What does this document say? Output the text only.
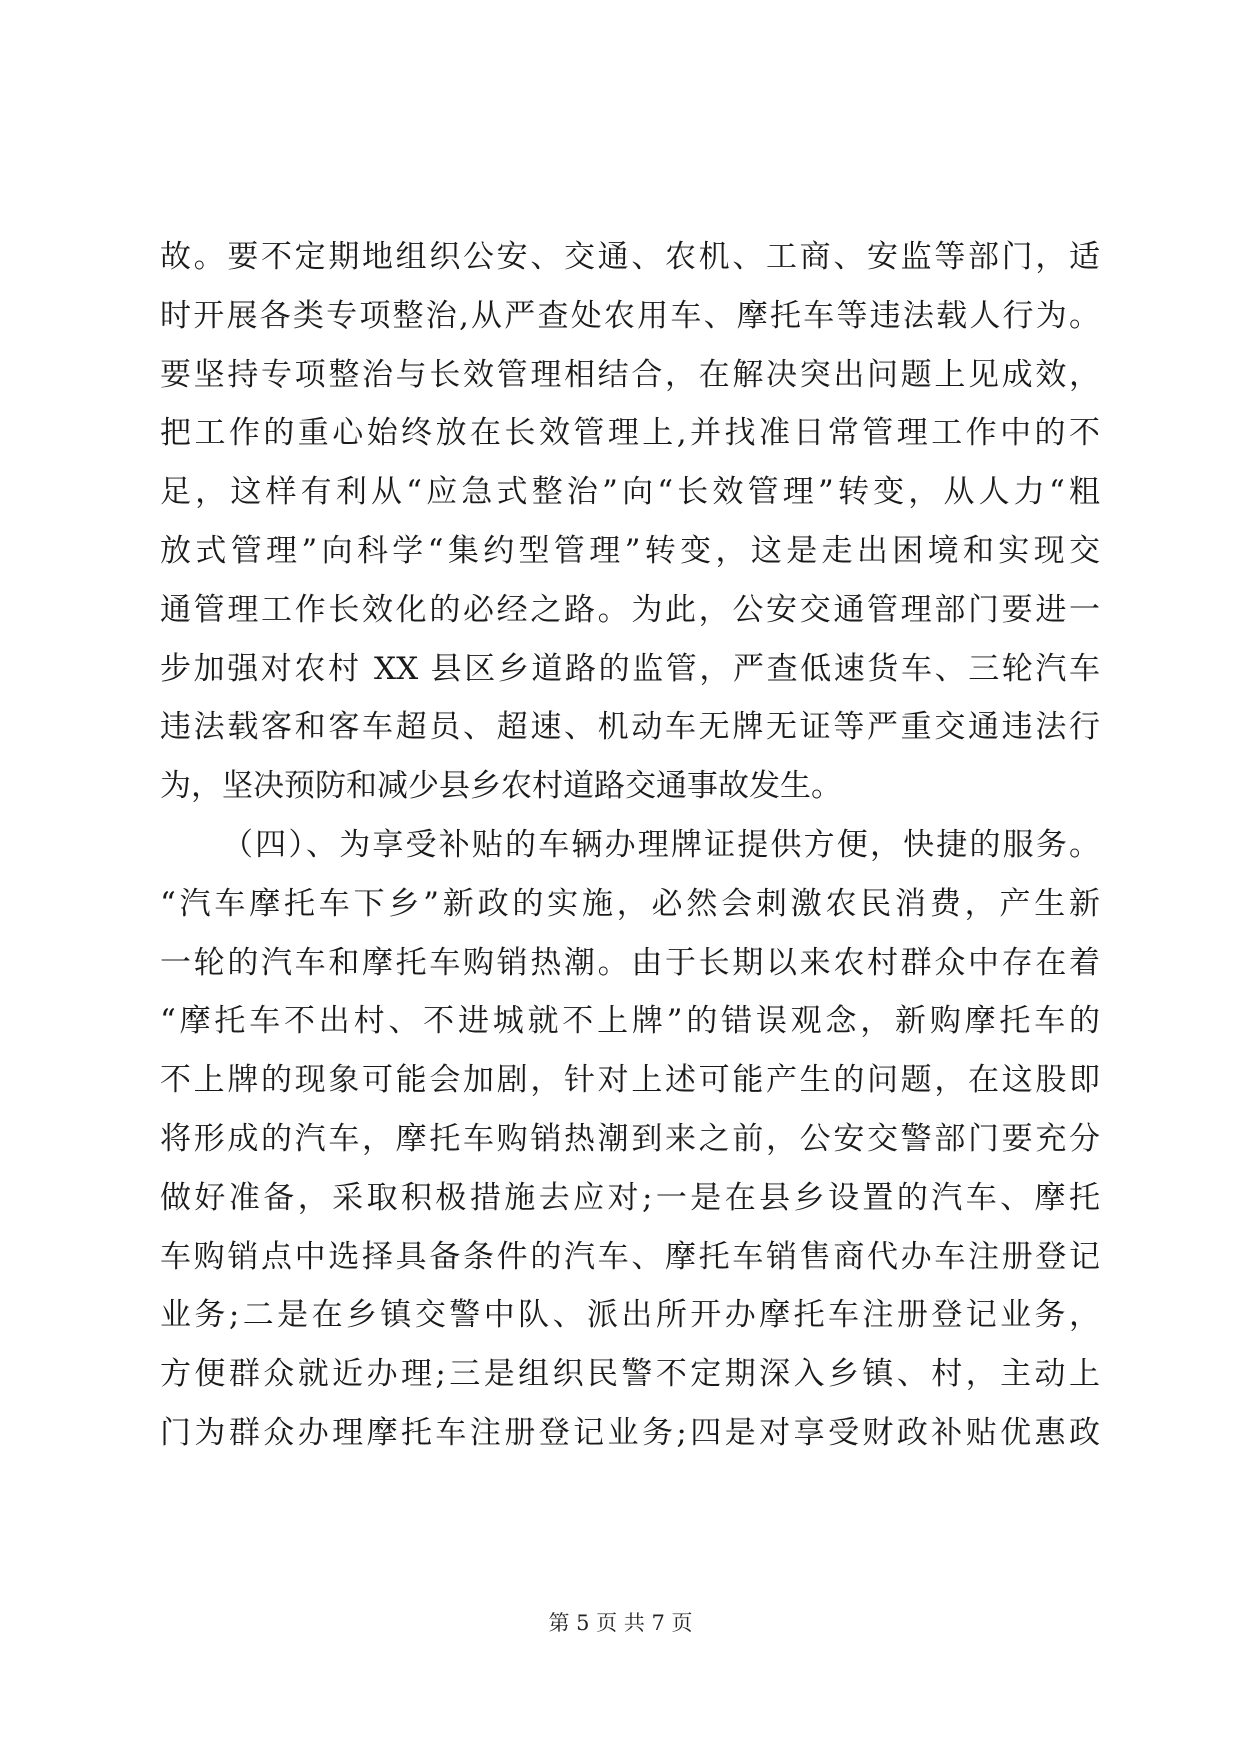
故。要不定期地组织公安、交通、农机、工商、安监等部门，适
时开展各类专项整治,从严查处农用车、摩托车等违法载人行为。
要坚持专项整治与长效管理相结合，在解决突出问题上见成效，
把工作的重心始终放在长效管理上,并找准日常管理工作中的不
足，这样有利从“应急式整治”向“长效管理”转变，从人力“粗
放式管理”向科学“集约型管理”转变，这是走出困境和实现交
通管理工作长效化的必经之路。为此，公安交通管理部门要进一
步加强对农村 XX 县区乡道路的监管，严查低速货车、三轮汽车
违法载客和客车超员、超速、机动车无牌无证等严重交通违法行
为，坚决预防和减少县乡农村道路交通事故发生。
（四）、为享受补贴的车辆办理牌证提供方便，快捷的服务。
“汽车摩托车下乡”新政的实施，必然会刺激农民消费，产生新
一轮的汽车和摩托车购销热潮。由于长期以来农村群众中存在着
“摩托车不出村、不进城就不上牌”的错误观念，新购摩托车的
不上牌的现象可能会加剧，针对上述可能产生的问题，在这股即
将形成的汽车，摩托车购销热潮到来之前，公安交警部门要充分
做好准备，采取积极措施去应对;一是在县乡设置的汽车、摩托
车购销点中选择具备条件的汽车、摩托车销售商代办车注册登记
业务;二是在乡镇交警中队、派出所开办摩托车注册登记业务，
方便群众就近办理;三是组织民警不定期深入乡镇、村，主动上
门为群众办理摩托车注册登记业务;四是对享受财政补贴优惠政
第 5 页 共 7 页
